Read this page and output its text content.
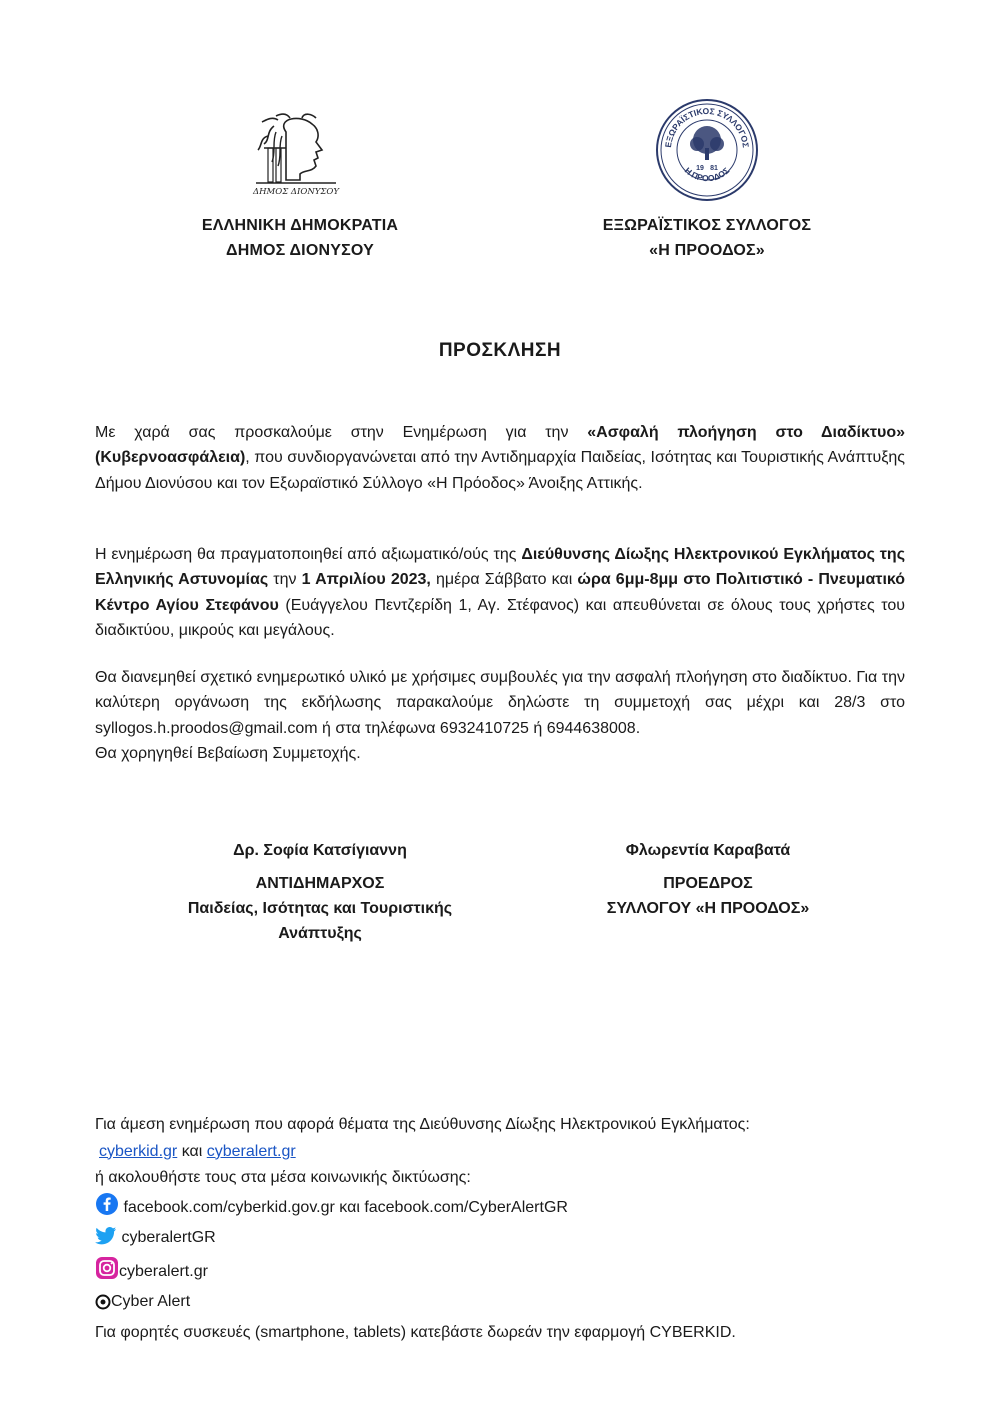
ΔΗΜΟΣ ΔΙΟΝΥΣΟΥ
ΕΞΩΡΑΪΣΤΙΚΟΣ ΣΥΛΛΟΓΟΣ
Η ΠΡΟΟΔΟΣ
19 81
ΕΛΛΗΝΙΚΗ ΔΗΜΟΚΡΑΤΙΑ
ΔΗΜΟΣ ΔΙΟΝΥΣΟΥ
ΕΞΩΡΑΪΣΤΙΚΟΣ ΣΥΛΛΟΓΟΣ
«Η ΠΡΟΟΔΟΣ»
ΠΡΟΣΚΛΗΣΗ
Με χαρά σας προσκαλούμε στην Ενημέρωση για την «Ασφαλή πλοήγηση στο Διαδίκτυο» (Κυβερνοασφάλεια), που συνδιοργανώνεται από την Αντιδημαρχία Παιδείας, Ισότητας και Τουριστικής Ανάπτυξης Δήμου Διονύσου και τον Εξωραϊστικό Σύλλογο «Η Πρόοδος» Άνοιξης Αττικής.
Η ενημέρωση θα πραγματοποιηθεί από αξιωματικό/ούς της Διεύθυνσης Δίωξης Ηλεκτρονικού Εγκλήματος της Ελληνικής Αστυνομίας την 1 Απριλίου 2023, ημέρα Σάββατο και ώρα 6μμ-8μμ στο Πολιτιστικό - Πνευματικό Κέντρο Αγίου Στεφάνου (Ευάγγελου Πεντζερίδη 1, Αγ. Στέφανος) και απευθύνεται σε όλους τους χρήστες του διαδικτύου, μικρούς και μεγάλους.
Θα διανεμηθεί σχετικό ενημερωτικό υλικό με χρήσιμες συμβουλές για την ασφαλή πλοήγηση στο διαδίκτυο. Για την καλύτερη οργάνωση της εκδήλωσης παρακαλούμε δηλώστε τη συμμετοχή σας μέχρι και 28/3 στο syllogos.h.proodos@gmail.com ή στα τηλέφωνα 6932410725 ή 6944638008.
Θα χορηγηθεί Βεβαίωση Συμμετοχής.
Δρ. Σοφία Κατσίγιαννη
ΑΝΤΙΔΗΜΑΡΧΟΣ
Παιδείας, Ισότητας και Τουριστικής
Ανάπτυξης
Φλωρεντία Καραβατά
ΠΡΟΕΔΡΟΣ
ΣΥΛΛΟΓΟΥ «Η ΠΡΟΟΔΟΣ»
Για άμεση ενημέρωση που αφορά θέματα της Διεύθυνσης Δίωξης Ηλεκτρονικού Εγκλήματος:
cyberkid.gr και cyberalert.gr
ή ακολουθήστε τους στα μέσα κοινωνικής δικτύωσης:
facebook.com/cyberkid.gov.gr και facebook.com/CyberAlertGR
cyberalertGR
cyberalert.gr
Cyber Alert
Για φορητές συσκευές (smartphone, tablets) κατεβάστε δωρεάν την εφαρμογή CYBERKID.
